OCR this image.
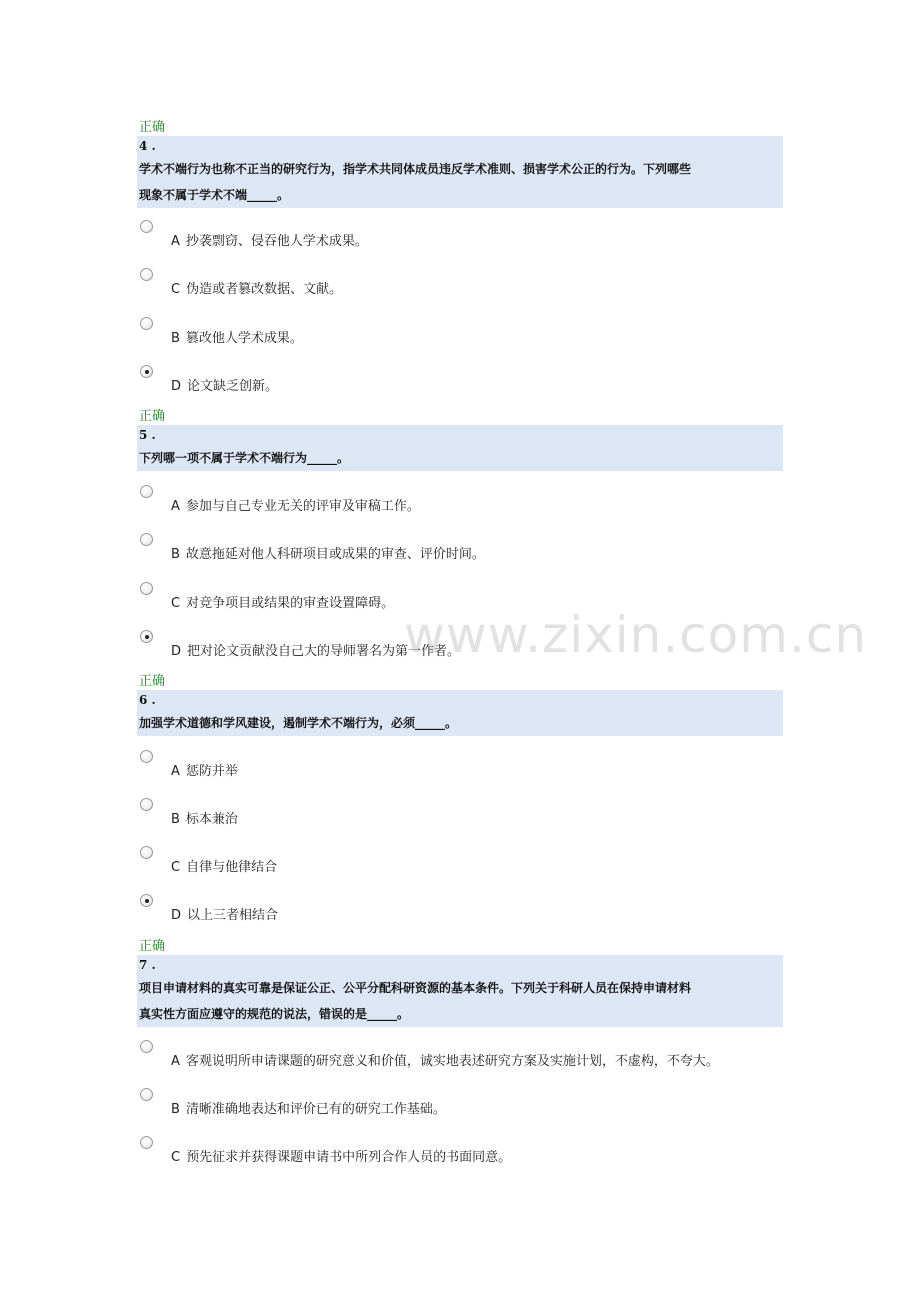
正确
4 .
学术不端行为也称不正当的研究行为，指学术共同体成员违反学术准则、损害学术公正的行为。下列哪些
现象不属于学术不端_____。
A 抄袭剽窃、侵吞他人学术成果。
C 伪造或者篡改数据、文献。
B 篡改他人学术成果。
D 论文缺乏创新。
正确
5 .
下列哪一项不属于学术不端行为_____。
A 参加与自己专业无关的评审及审稿工作。
B 故意拖延对他人科研项目或成果的审查、评价时间。
C 对竞争项目或结果的审查设置障碍。
D 把对论文贡献没自己大的导师署名为第一作者。
正确
6 .
加强学术道德和学风建设，遏制学术不端行为，必须_____。
A 惩防并举
B 标本兼治
C 自律与他律结合
D 以上三者相结合
正确
7 .
项目申请材料的真实可靠是保证公正、公平分配科研资源的基本条件。下列关于科研人员在保持申请材料
真实性方面应遵守的规范的说法，错误的是_____。
A 客观说明所申请课题的研究意义和价值，诚实地表述研究方案及实施计划，不虚构，不夸大。
B 清晰准确地表达和评价已有的研究工作基础。
C 预先征求并获得课题申请书中所列合作人员的书面同意。
www.zixin.com.cn
